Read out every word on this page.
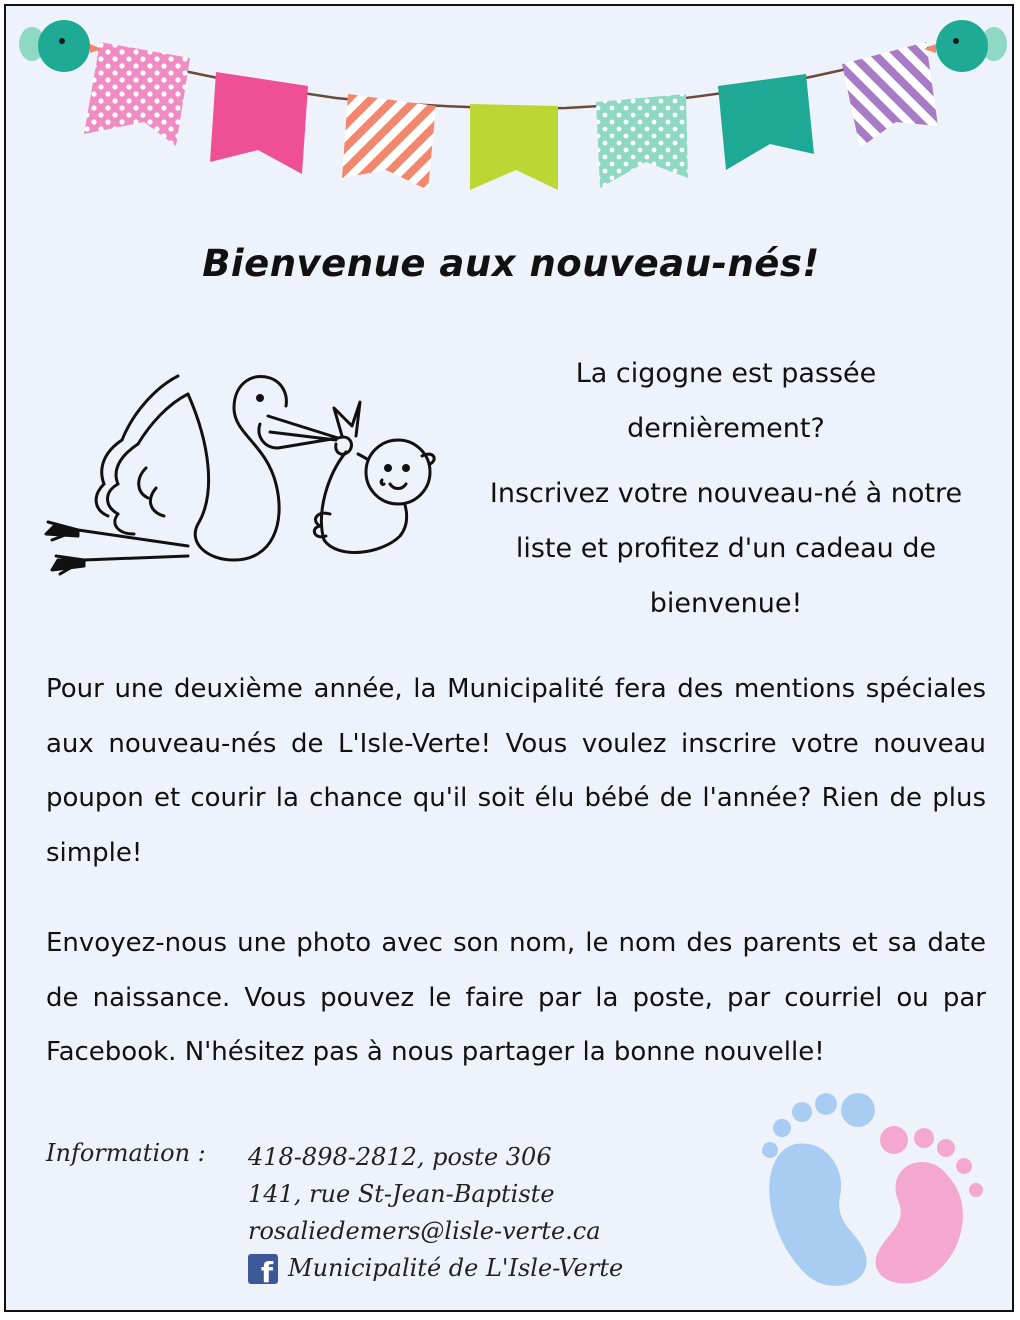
Bienvenue aux nouveau-nés!

La cigogne est passée

dernièrement?

Inscrivez votre nouveau-né à notre

liste et profitez d'un cadeau de

bienvenue!

Pour une deuxième année, la Municipalité fera des mentions spéciales aux nouveau-nés de L'Isle-Verte! Vous voulez inscrire votre nouveau poupon et courir la chance qu'il soit élu bébé de l'année? Rien de plus simple!

Envoyez-nous une photo avec son nom, le nom des parents et sa date de naissance. Vous pouvez le faire par la poste, par courriel ou par Facebook. N'hésitez pas à nous partager la bonne nouvelle!

Information : 418-898-2812, poste 306
141, rue St-Jean-Baptiste
rosaliedemers@lisle-verte.ca
f Municipalité de L'Isle-Verte
